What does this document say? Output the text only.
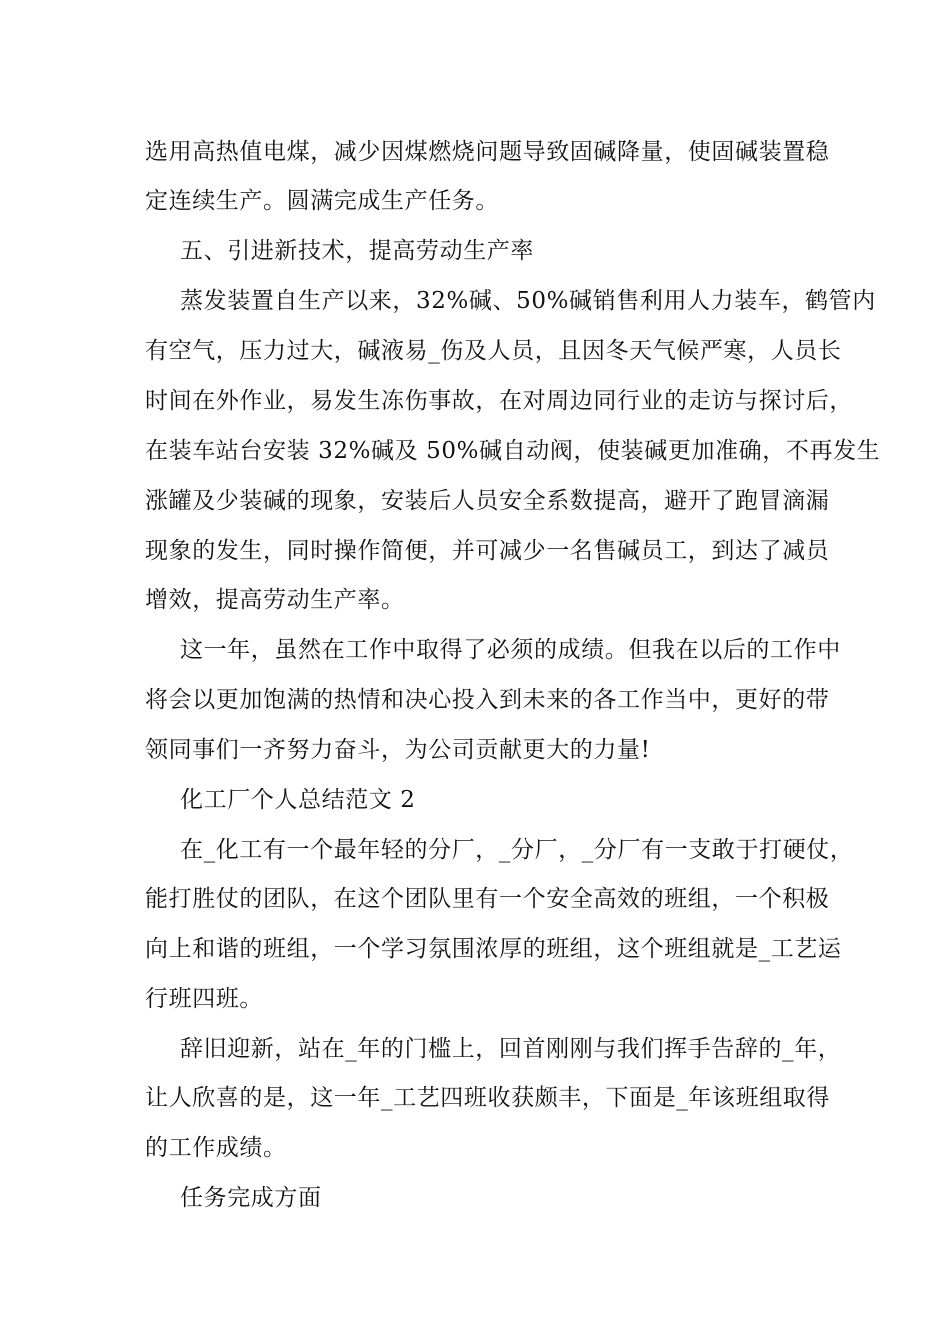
选用高热值电煤，减少因煤燃烧问题导致固碱降量，使固碱装置稳
定连续生产。圆满完成生产任务。
五、引进新技术，提高劳动生产率
蒸发装置自生产以来，32%碱、50%碱销售利用人力装车，鹤管内
有空气，压力过大，碱液易_伤及人员，且因冬天气候严寒，人员长
时间在外作业，易发生冻伤事故，在对周边同行业的走访与探讨后，
在装车站台安装 32%碱及 50%碱自动阀，使装碱更加准确，不再发生
涨罐及少装碱的现象，安装后人员安全系数提高，避开了跑冒滴漏
现象的发生，同时操作简便，并可减少一名售碱员工，到达了减员
增效，提高劳动生产率。
这一年，虽然在工作中取得了必须的成绩。但我在以后的工作中
将会以更加饱满的热情和决心投入到未来的各工作当中，更好的带
领同事们一齐努力奋斗，为公司贡献更大的力量!
化工厂个人总结范文 2
在_化工有一个最年轻的分厂，_分厂，_分厂有一支敢于打硬仗，
能打胜仗的团队，在这个团队里有一个安全高效的班组，一个积极
向上和谐的班组，一个学习氛围浓厚的班组，这个班组就是_工艺运
行班四班。
辞旧迎新，站在_年的门槛上，回首刚刚与我们挥手告辞的_年，
让人欣喜的是，这一年_工艺四班收获颇丰，下面是_年该班组取得
的工作成绩。
任务完成方面
